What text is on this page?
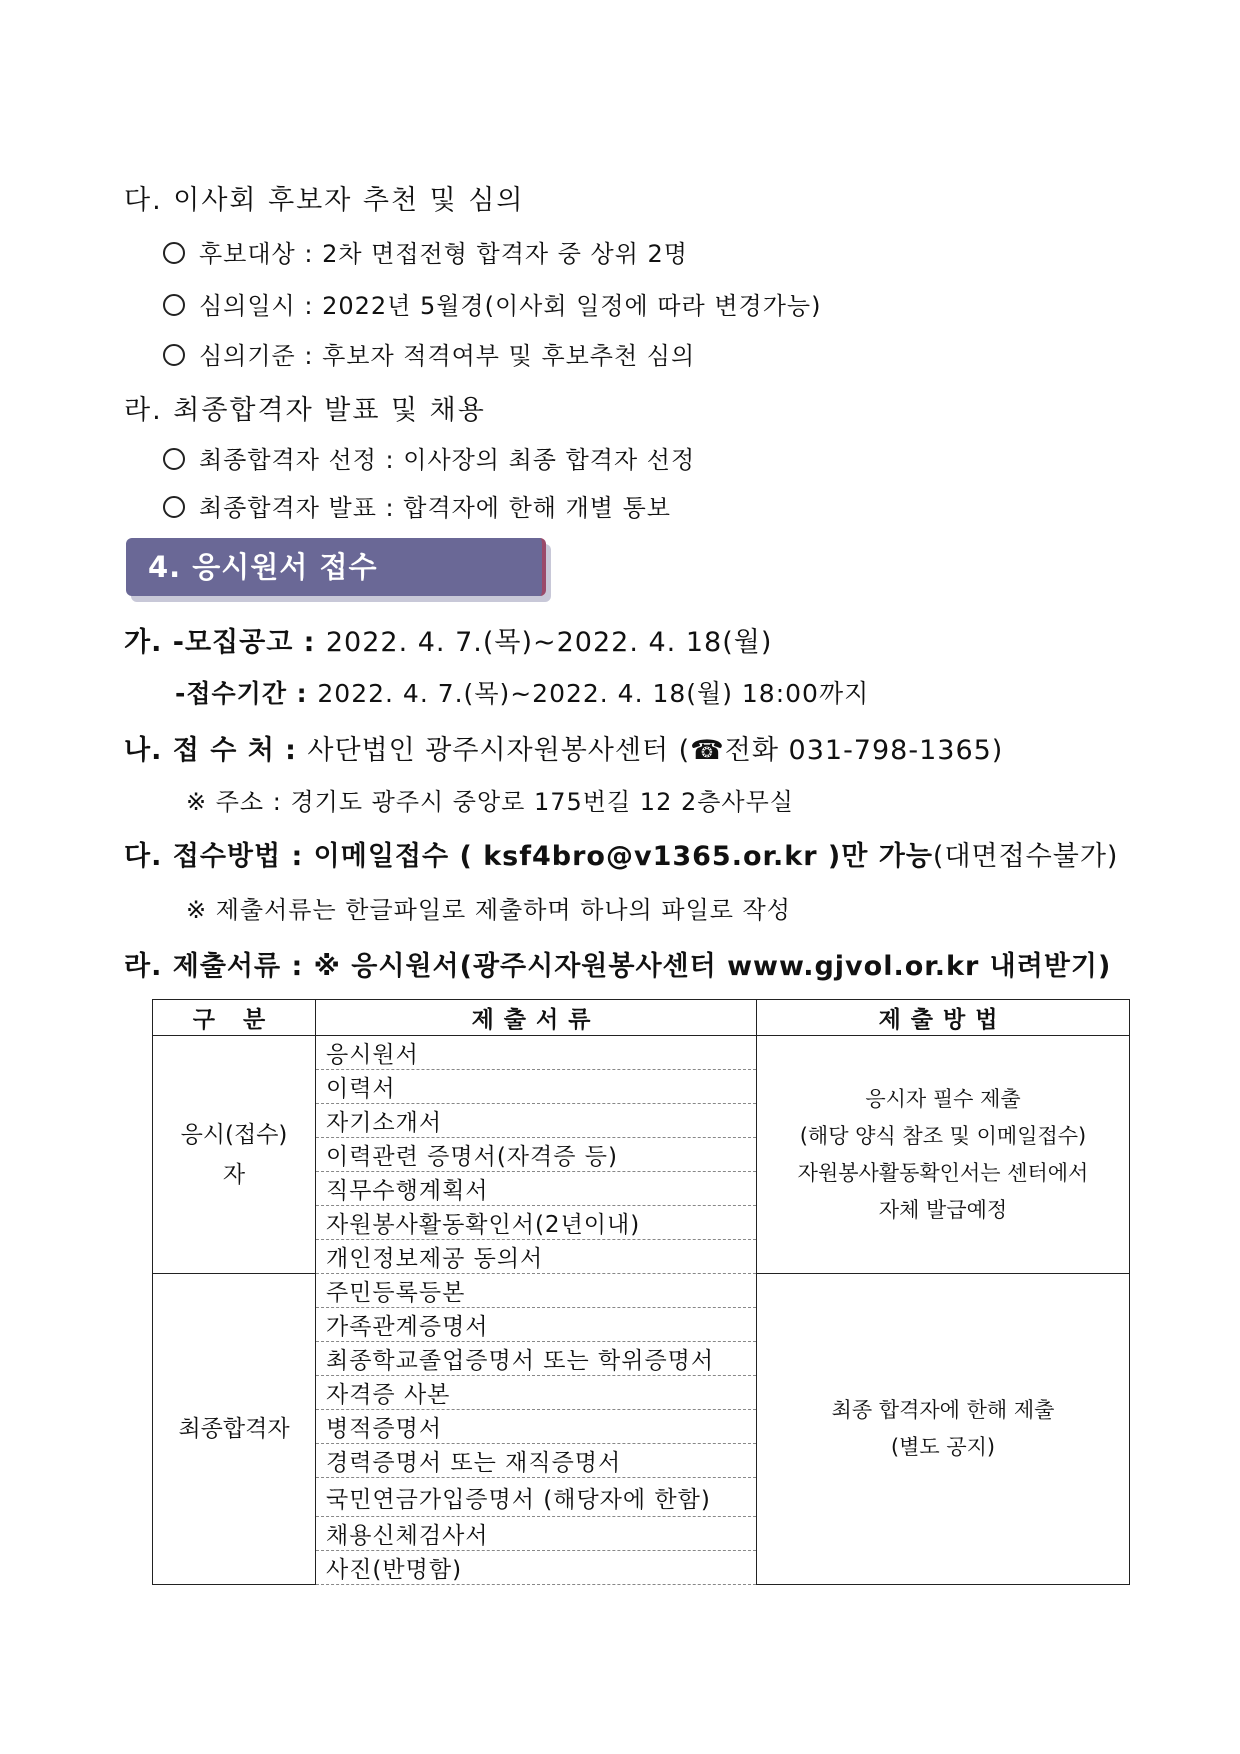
다. 이사회 후보자 추천 및 심의
후보대상 : 2차 면접전형 합격자 중 상위 2명
심의일시 : 2022년 5월경(이사회 일정에 따라 변경가능)
심의기준 : 후보자 적격여부 및 후보추천 심의
라. 최종합격자 발표 및 채용
최종합격자 선정 : 이사장의 최종 합격자 선정
최종합격자 발표 : 합격자에 한해 개별 통보
4. 응시원서 접수
가. -모집공고 : 2022. 4. 7.(목)~2022. 4. 18(월)
-접수기간 : 2022. 4. 7.(목)~2022. 4. 18(월) 18:00까지
나. 접 수 처 : 사단법인 광주시자원봉사센터 (☎전화 031-798-1365)
※ 주소 : 경기도 광주시 중앙로 175번길 12 2층사무실
다. 접수방법 : 이메일접수 ( ksf4bro@v1365.or.kr )만 가능(대면접수불가)
※ 제출서류는 한글파일로 제출하며 하나의 파일로 작성
라. 제출서류 : ※ 응시원서(광주시자원봉사센터 www.gjvol.or.kr 내려받기)
구 분	제출서류	제출방법

응시(접수)
자	응시원서	응시자 필수 제출
(해당 양식 참조 및 이메일접수)
자원봉사활동확인서는 센터에서
자체 발급예정

	이력서	
	자기소개서	
	이력관련 증명서(자격증 등)	
	직무수행계획서	
	자원봉사활동확인서(2년이내)	
	개인정보제공 동의서	
최종합격자	주민등록등본	최종 합격자에 한해 제출
(별도 공지)

	가족관계증명서	
	최종학교졸업증명서 또는 학위증명서	
	자격증 사본	
	병적증명서	
	경력증명서 또는 재직증명서	
	국민연금가입증명서 (해당자에 한함)	
	채용신체검사서	
	사진(반명함)	
